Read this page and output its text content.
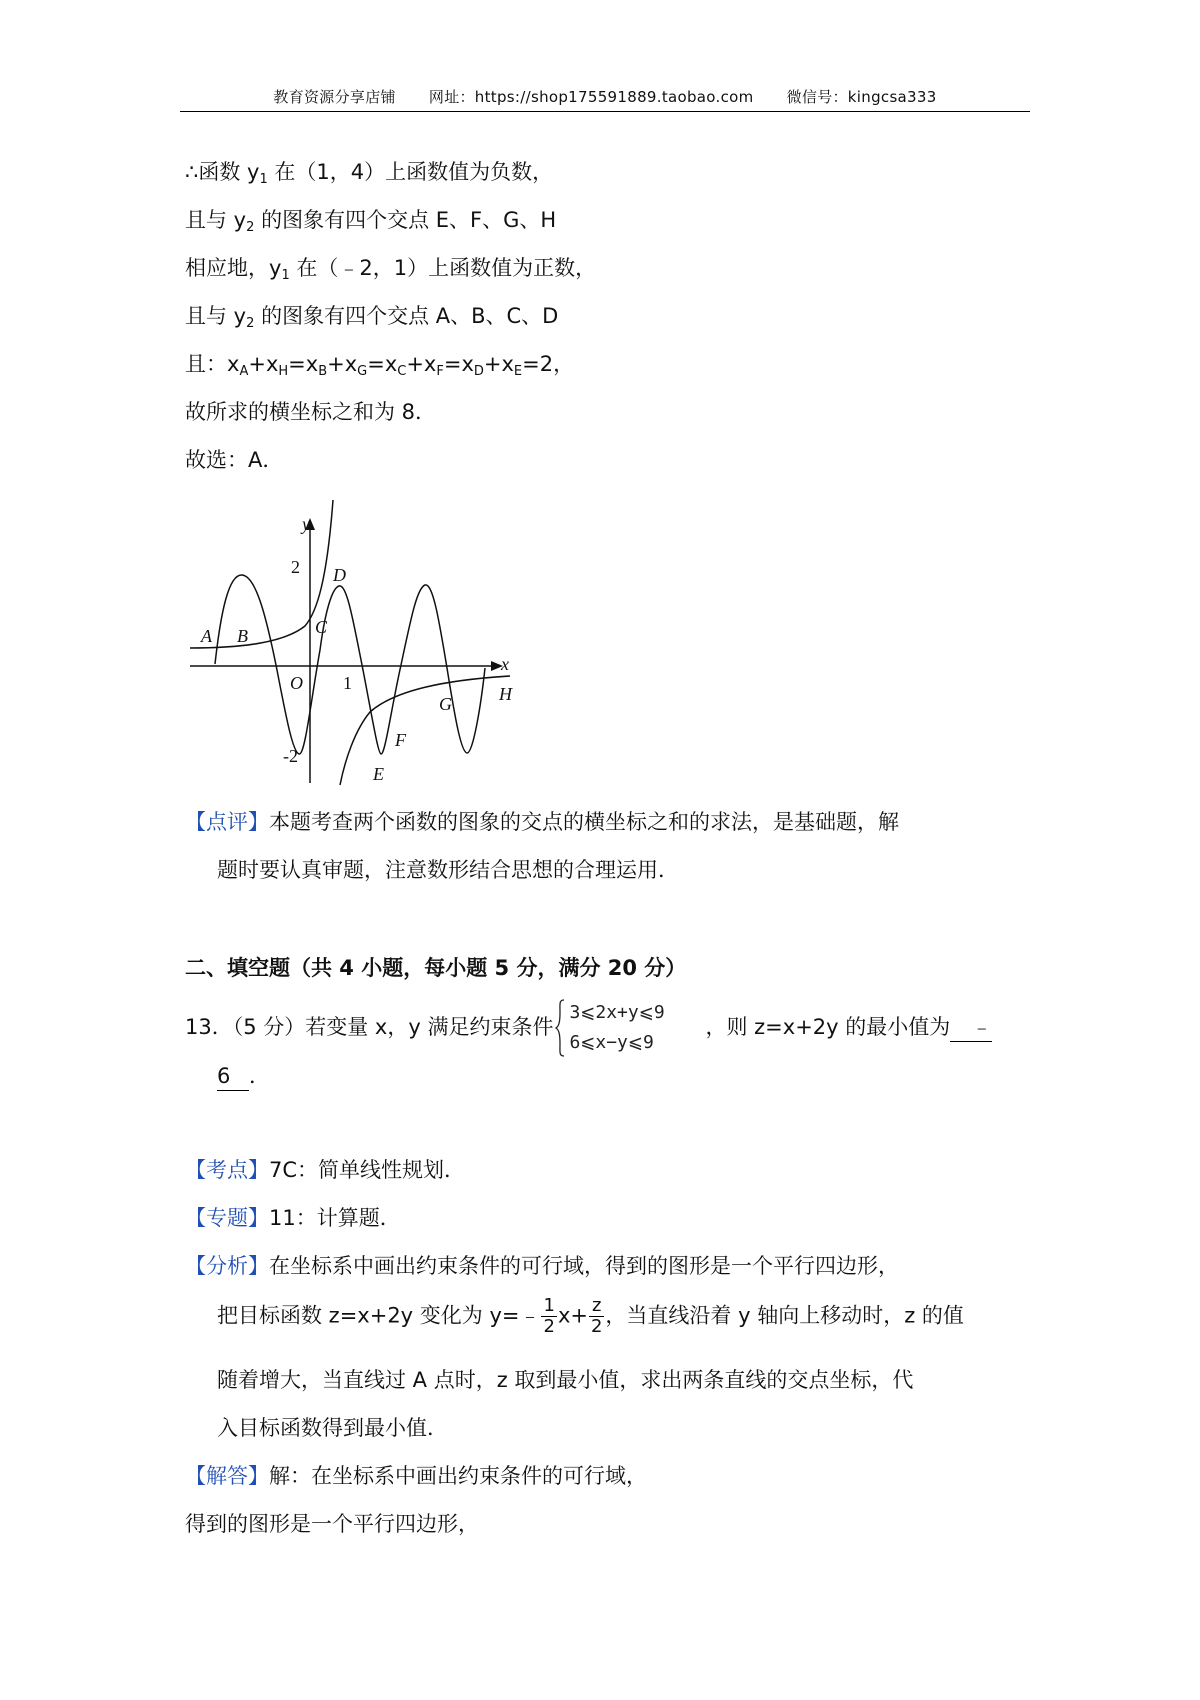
教育资源分享店铺 网址：https://shop175591889.taobao.com 微信号：kingcsa333
∴函数 $y_1$ 在（1，4）上函数值为负数，
且与 $y_2$ 的图象有四个交点 E、F、G、H
相应地，$y_1$ 在（﹣2，1）上函数值为正数，
且与 $y_2$ 的图象有四个交点 A、B、C、D
且：$x_A+x_H=x_B+x_G=x_C+x_F=x_D+x_E=2$，
故所求的横坐标之和为 8．
故选：A．
y
x
O
2
-2
1
A B	C
D
E
F
G	H
【点评】本题考查两个函数的图象的交点的横坐标之和的求法，是基础题，解
题时要认真审题，注意数形结合思想的合理运用．
二、填空题（共 4 小题，每小题 5 分，满分 20 分）
13．（5 分）若变量 x，y 满足约束条件
3⩽2x+y⩽9
6⩽x−y⩽9
，则 z=x+2y 的最小值为 ﹣
6 ．
【考点】7C：简单线性规划．
【专题】11：计算题．
【分析】在坐标系中画出约束条件的可行域，得到的图形是一个平行四边形，
把目标函数 z=x+2y 变化为 y=﹣ $\frac{1}{2} x+ \frac{z}{2}$ ，当直线沿着 y 轴向上移动时，z 的值
随着增大，当直线过 A 点时，z 取到最小值，求出两条直线的交点坐标，代
入目标函数得到最小值．
【解答】解：在坐标系中画出约束条件的可行域，
得到的图形是一个平行四边形，
